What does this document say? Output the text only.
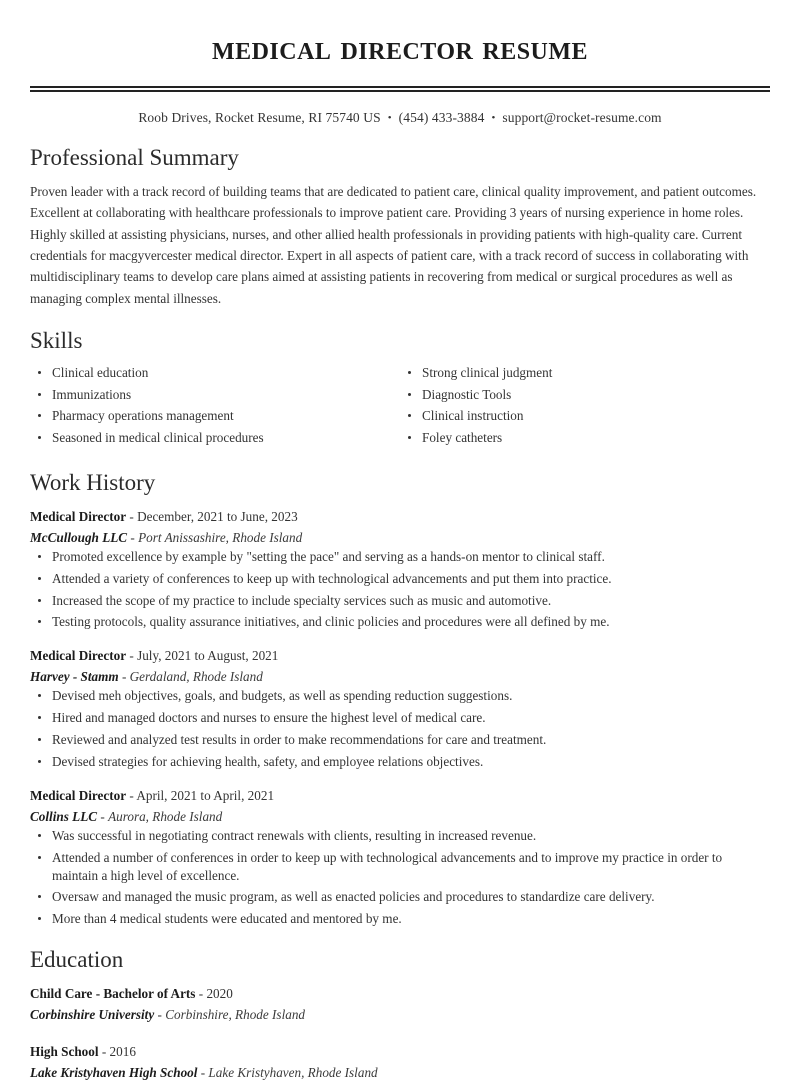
medical director resume
Roob Drives, Rocket Resume, RI 75740 US • (454) 433-3884 • support@rocket-resume.com
Professional Summary

Proven leader with a track record of building teams that are dedicated to patient care, clinical quality improvement, and patient outcomes. Excellent at collaborating with healthcare professionals to improve patient care. Providing 3 years of nursing experience in home roles. Highly skilled at assisting physicians, nurses, and other allied health professionals in providing patients with high-quality care. Current credentials for macgyvercester medical director. Expert in all aspects of patient care, with a track record of success in collaborating with multidisciplinary teams to develop care plans aimed at assisting patients in recovering from medical or surgical procedures as well as managing complex mental illnesses.

Skills
Clinical education
Immunizations
Pharmacy operations management
Seasoned in medical clinical procedures
Strong clinical judgment
Diagnostic Tools
Clinical instruction
Foley catheters
Work History
Medical Director - December, 2021 to June, 2023
McCullough LLC - Port Anissashire, Rhode Island
Promoted excellence by example by "setting the pace" and serving as a hands-on mentor to clinical staff.
Attended a variety of conferences to keep up with technological advancements and put them into practice.
Increased the scope of my practice to include specialty services such as music and automotive.
Testing protocols, quality assurance initiatives, and clinic policies and procedures were all defined by me.
Medical Director - July, 2021 to August, 2021
Harvey - Stamm - Gerdaland, Rhode Island
Devised meh objectives, goals, and budgets, as well as spending reduction suggestions.
Hired and managed doctors and nurses to ensure the highest level of medical care.
Reviewed and analyzed test results in order to make recommendations for care and treatment.
Devised strategies for achieving health, safety, and employee relations objectives.
Medical Director - April, 2021 to April, 2021
Collins LLC - Aurora, Rhode Island
Was successful in negotiating contract renewals with clients, resulting in increased revenue.
Attended a number of conferences in order to keep up with technological advancements and to improve my practice in order to maintain a high level of excellence.
Oversaw and managed the music program, as well as enacted policies and procedures to standardize care delivery.
More than 4 medical students were educated and mentored by me.
Education
Child Care - Bachelor of Arts - 2020
Corbinshire University - Corbinshire, Rhode Island
High School - 2016
Lake Kristyhaven High School - Lake Kristyhaven, Rhode Island
